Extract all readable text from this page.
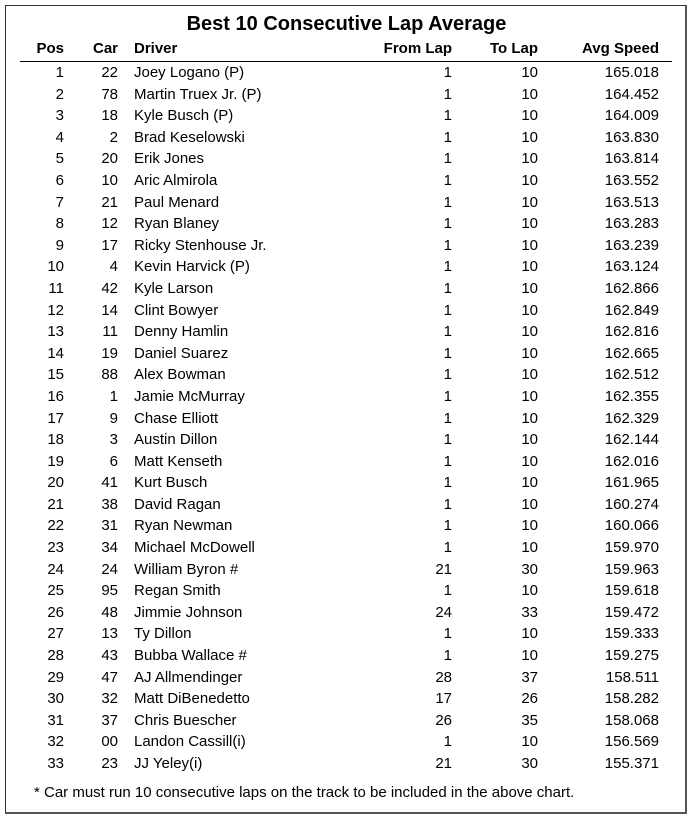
Best 10 Consecutive Lap Average
Pos Car Driver	From Lap	To Lap	Avg Speed
1 22 Joey Logano (P)	1	10	165.018
2 78 Martin Truex Jr. (P)	1	10	164.452
3 18 Kyle Busch (P)	1	10	164.009
4	2 Brad Keselowski	1	10	163.830
5 20 Erik Jones	1	10	163.814
6 10 Aric Almirola	1	10	163.552
7 21 Paul Menard	1	10	163.513
8 12 Ryan Blaney	1	10	163.283
9 17 Ricky Stenhouse Jr.	1	10	163.239
10	4 Kevin Harvick (P)	1	10	163.124
11 42 Kyle Larson	1	10	162.866
12 14 Clint Bowyer	1	10	162.849
13	11 Denny Hamlin	1	10	162.816
14 19 Daniel Suarez	1	10	162.665
15 88 Alex Bowman	1	10	162.512
16	1 Jamie McMurray	1	10	162.355
17	9 Chase Elliott	1	10	162.329
18	3 Austin Dillon	1	10	162.144
19	6 Matt Kenseth	1	10	162.016
20 41 Kurt Busch	1	10	161.965
21 38 David Ragan	1	10	160.274
22 31 Ryan Newman	1	10	160.066
23 34 Michael McDowell	1	10	159.970
24 24 William Byron #	21	30	159.963
25 95 Regan Smith	1	10	159.618
26 48 Jimmie Johnson	24	33	159.472
27 13 Ty Dillon	1	10	159.333
28 43 Bubba Wallace #	1	10	159.275
29 47 AJ Allmendinger	28	37	158.511
30 32 Matt DiBenedetto	17	26	158.282
31 37 Chris Buescher	26	35	158.068
32 00 Landon Cassill(i)	1	10	156.569
33 23 JJ Yeley(i)	21	30	155.371
* Car must run 10 consecutive laps on the track to be included in the above chart.
